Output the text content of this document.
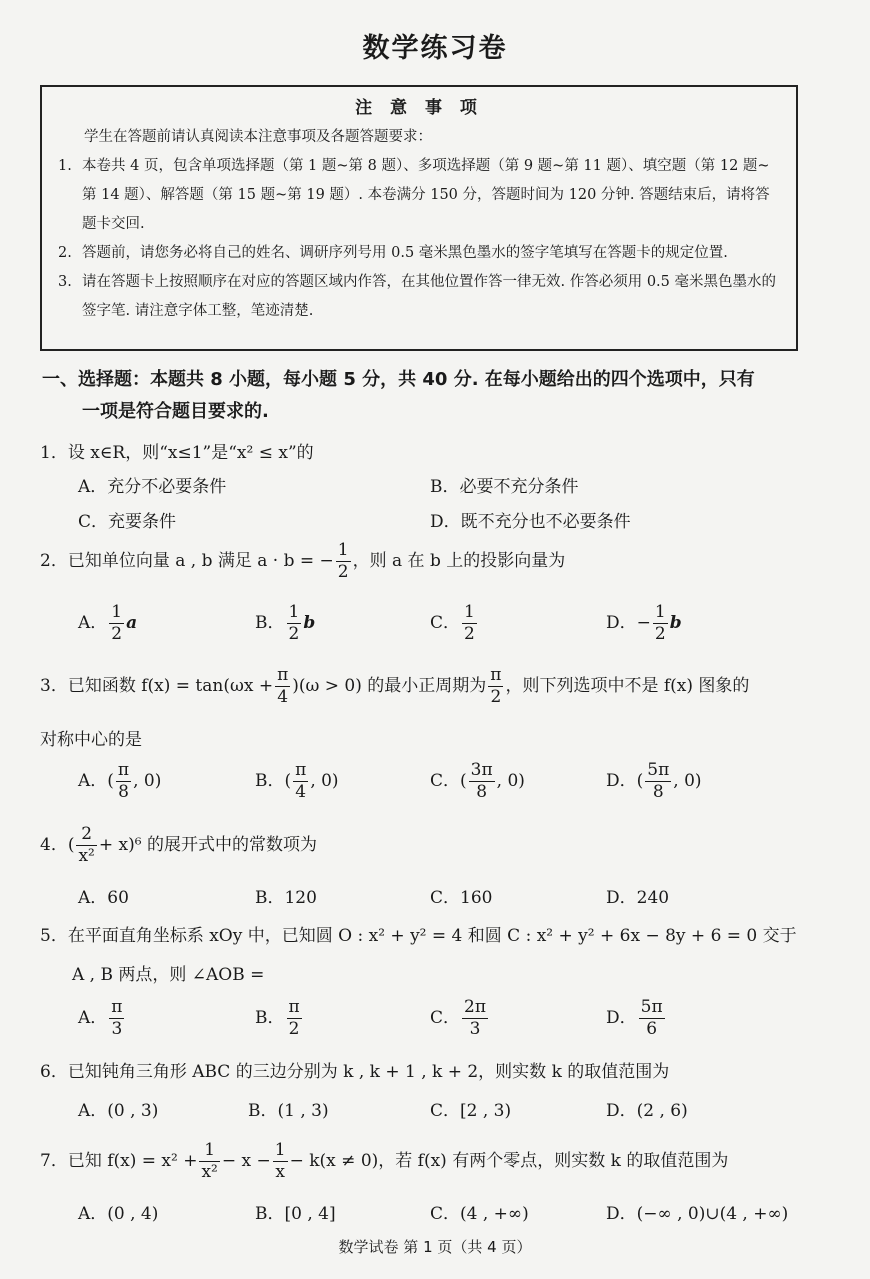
数学练习卷
注 意 事 项

学生在答题前请认真阅读本注意事项及各题答题要求：

1. 本卷共 4 页，包含单项选择题（第 1 题~第 8 题）、多项选择题（第 9 题~第 11 题）、填空题（第 12 题~第 14 题）、解答题（第 15 题~第 19 题）. 本卷满分 150 分，答题时间为 120 分钟. 答题结束后，请将答题卡交回.

2. 答题前，请您务必将自己的姓名、调研序列号用 0.5 毫米黑色墨水的签字笔填写在答题卡的规定位置.

3. 请在答题卡上按照顺序在对应的答题区域内作答，在其他位置作答一律无效. 作答必须用 0.5 毫米黑色墨水的签字笔. 请注意字体工整，笔迹清楚.

一、选择题：本题共 8 小题，每小题 5 分，共 40 分. 在每小题给出的四个选项中，只有
一项是符合题目要求的.
1．设 x∈R，则“x≤1”是“x² ≤ x”的
A．充分不必要条件	B．必要不充分条件
C．充要条件	D．既不充分也不必要条件
2．已知单位向量 a , b 满足 a · b = − $\frac{1}{2}$ ，则 a 在 b 上的投影向量为
A． $\frac{1}{2}$ a	B． $\frac{1}{2}$ b	C． $\frac{1}{2}$	D．− $\frac{1}{2}$ b
3．已知函数 $f(x) = \tan(\omega x + \frac{\pi}{4} )(\omega > 0)$ 的最小正周期为 $\frac{\pi}{2}$ ，则下列选项中不是 f(x) 图象的
对称中心的是
A．( $\frac{\pi}{8}$ , 0)	B．( $\frac{\pi}{4}$ , 0)	C．( $\frac{3\pi}{8}$ , 0)	D．( $\frac{5\pi}{8}$ , 0)
4．( $\frac{2}{\text{x²}} + x)^6$ 的展开式中的常数项为
A．60	B．120	C．160	D．240
5．在平面直角坐标系 xOy 中，已知圆 O : x² + y² = 4 和圆 C : x² + y² + 6x − 8y + 6 = 0 交于
A , B 两点，则 ∠AOB =
A． $\frac{\pi}{3}$	B． $\frac{\pi}{2}$	C． $\frac{2\pi}{3}$	D． $\frac{5\pi}{6}$
6．已知钝角三角形 ABC 的三边分别为 k , k + 1 , k + 2，则实数 k 的取值范围为
A．(0 , 3)	B．(1 , 3)	C．[2 , 3)	D．(2 , 6)
7．已知 $f(x) = x^2 + \frac{1}{\text{x²}} - x - \frac{1}{x} - k(x \ne 0)$，若 f(x) 有两个零点，则实数 k 的取值范围为
A．(0 , 4)	B．[0 , 4]	C．(4 , +∞)	D．(−∞ , 0)∪(4 , +∞)
数学试卷 第 1 页（共 4 页）
